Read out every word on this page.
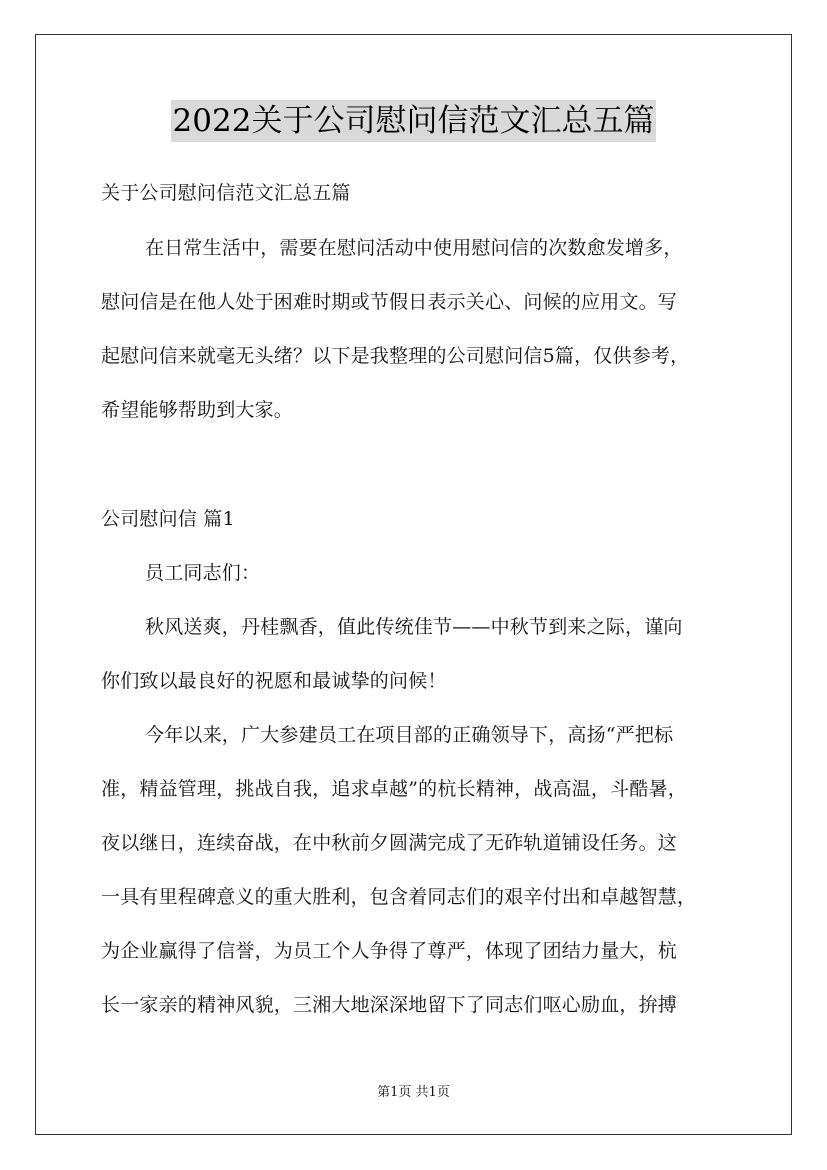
2022关于公司慰问信范文汇总五篇
关于公司慰问信范文汇总五篇
在日常生活中，需要在慰问活动中使用慰问信的次数愈发增多，
慰问信是在他人处于困难时期或节假日表示关心、问候的应用文。写
起慰问信来就毫无头绪？以下是我整理的公司慰问信5篇，仅供参考，
希望能够帮助到大家。
公司慰问信 篇1
员工同志们：
秋风送爽，丹桂飘香，值此传统佳节——中秋节到来之际，谨向
你们致以最良好的祝愿和最诚挚的问候！
今年以来，广大参建员工在项目部的正确领导下，高扬“严把标
准，精益管理，挑战自我，追求卓越”的杭长精神，战高温，斗酷暑，
夜以继日，连续奋战，在中秋前夕圆满完成了无砟轨道铺设任务。这
一具有里程碑意义的重大胜利，包含着同志们的艰辛付出和卓越智慧，
为企业赢得了信誉，为员工个人争得了尊严，体现了团结力量大，杭
长一家亲的精神风貌，三湘大地深深地留下了同志们呕心励血，拚搏
第1页 共1页
